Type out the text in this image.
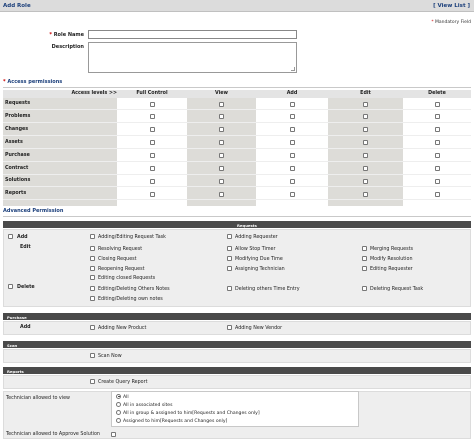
Add Role	[ View List ]
* Mandatory Field
* Role Name
Description
* Access permissions
Access levels >>	Full Control	View	Add	Edit	Delete
Requests
Problems
Changes
Assets
Purchase
Contract
Solutions
Reports
Advanced Permission
Requests
Add
Edit
Delete
Adding/Editing Request Task	Adding Requester
Resolving Request	Allow Stop Timer	Merging Requests
Closing Request	Modifying Due Time	Modify Resolution
Reopening Request	Assigning Technician	Editing Requester
Editing closed Requests
Editing/Deleting Others Notes	Deleting others Time Entry	Deleting Request Task
Editing/Deleting own notes
Purchase
Add	Adding New Product	Adding New Vendor
Scan
Scan Now
Reports
Create Query Report
Technician allowed to view	All
All in associated sites
All in group & assigned to him[Requests and Changes only]
Assigned to him[Requests and Changes only]
Technician allowed to Approve Solution
